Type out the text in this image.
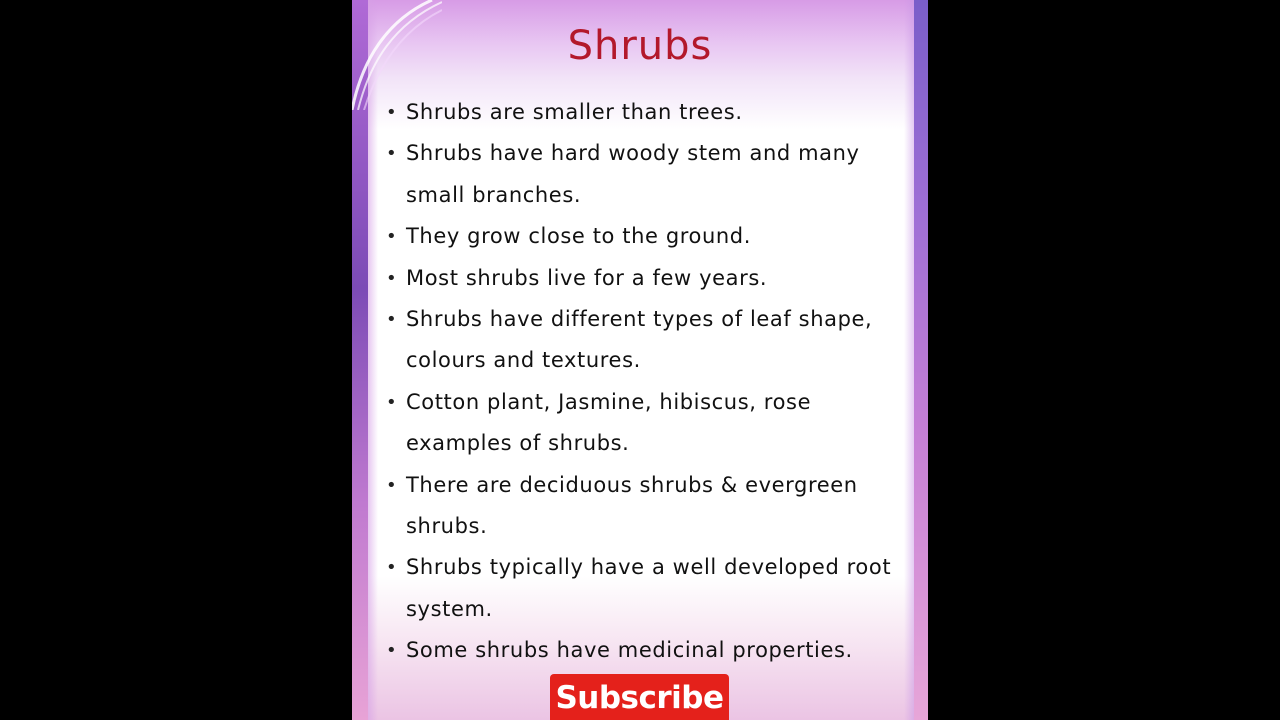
Shrubs
• Shrubs are smaller than trees.
• Shrubs have hard woody stem and many small branches.
• They grow close to the ground.
• Most shrubs live for a few years.
• Shrubs have different types of leaf shape, colours and textures.
• Cotton plant, Jasmine, hibiscus, rose examples of shrubs.
• There are deciduous shrubs & evergreen shrubs.
• Shrubs typically have a well developed root system.
• Some shrubs have medicinal properties.
Subscribe
